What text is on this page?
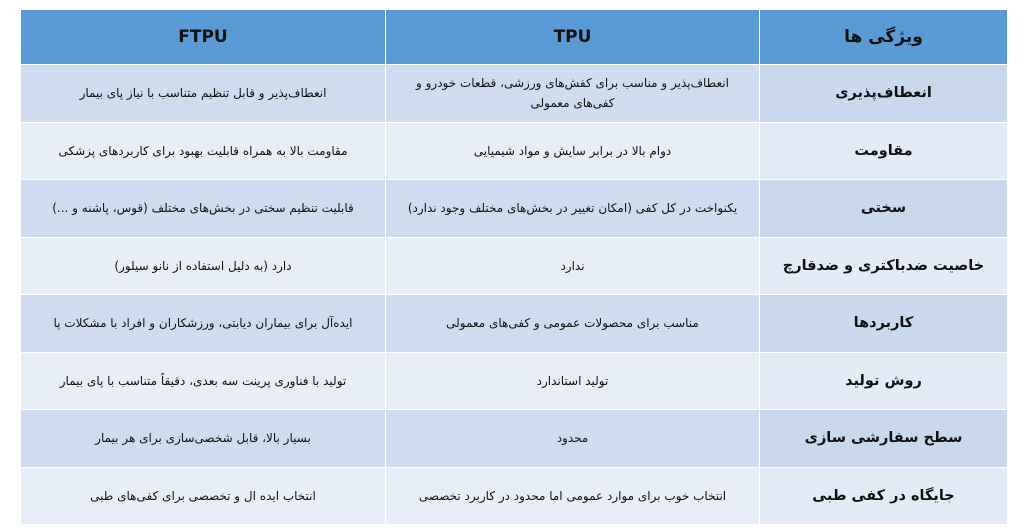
ویژگی ها	TPU	FTPU
انعطاف‌پذیری	انعطاف‌پذیر و مناسب برای کفش‌های ورزشی، قطعات خودرو و کفی‌های معمولی	انعطاف‌پذیر و قابل تنظیم متناسب با نیاز پای بیمار
مقاومت	دوام بالا در برابر سایش و مواد شیمیایی	مقاومت بالا به همراه قابلیت بهبود برای کاربردهای پزشکی
سختی	یکنواخت در کل کفی (امکان تغییر در بخش‌های مختلف وجود ندارد)	قابلیت تنظیم سختی در بخش‌های مختلف (قوس، پاشنه و ...)
خاصیت ضدباکتری و ضدقارچ	ندارد	دارد (به دلیل استفاده از نانو سیلور)
کاربردها	مناسب برای محصولات عمومی و کفی‌های معمولی	ایده‌آل برای بیماران دیابتی، ورزشکاران و افراد با مشکلات پا
روش تولید	تولید استاندارد	تولید با فناوری پرینت سه بعدی، دقیقاً متناسب با پای بیمار
سطح سفارشی سازی	محدود	بسیار بالا، قابل شخصی‌سازی برای هر بیمار
جایگاه در کفی طبی	انتخاب خوب برای موارد عمومی اما محدود در کاربرد تخصصی	انتخاب ایده ال و تخصصی برای کفی‌های طبی
